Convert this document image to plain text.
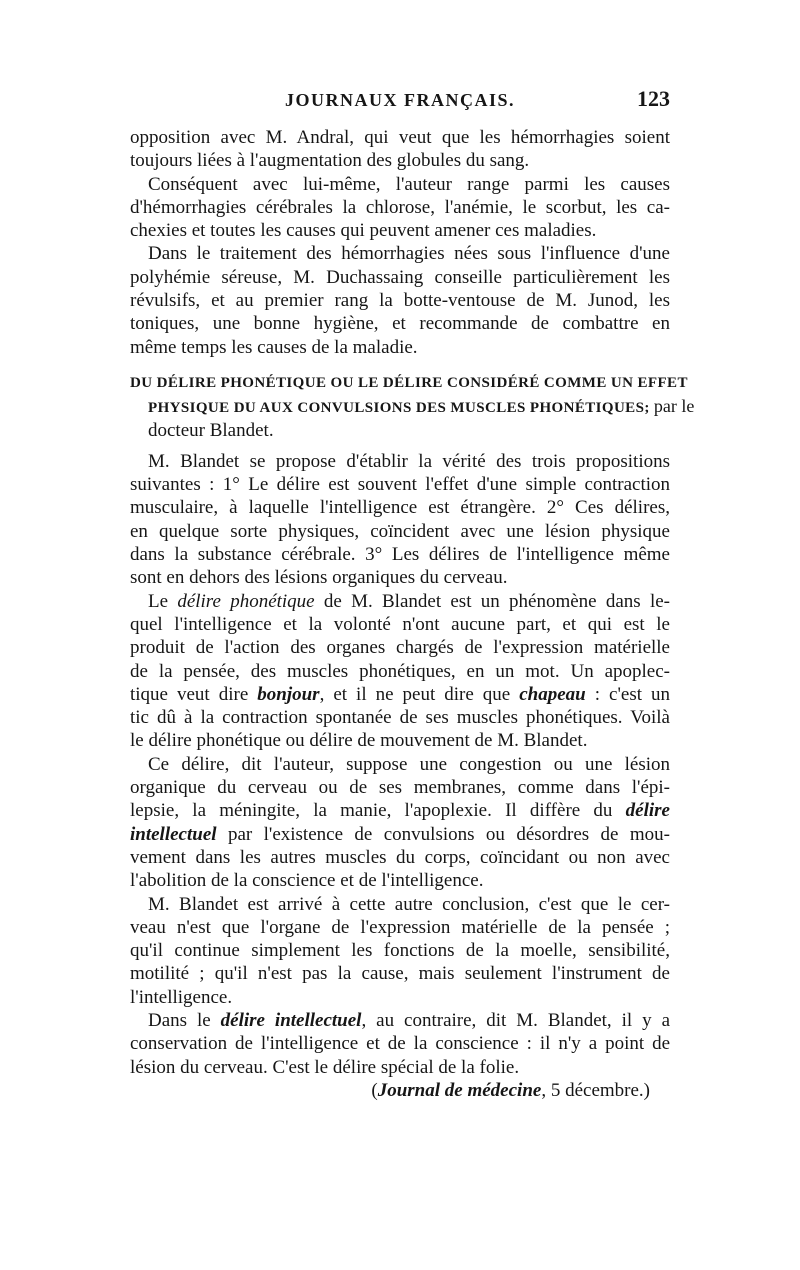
JOURNAUX FRANÇAIS.	123
opposition avec M. Andral, qui veut que les hémorrhagies soient
toujours liées à l'augmentation des globules du sang.
Conséquent avec lui-même, l'auteur range parmi les causes
d'hémorrhagies cérébrales la chlorose, l'anémie, le scorbut, les ca-
chexies et toutes les causes qui peuvent amener ces maladies.
Dans le traitement des hémorrhagies nées sous l'influence d'une
polyhémie séreuse, M. Duchassaing conseille particulièrement les
révulsifs, et au premier rang la botte-ventouse de M. Junod, les
toniques, une bonne hygiène, et recommande de combattre en
même temps les causes de la maladie.
DU DÉLIRE PHONÉTIQUE OU LE DÉLIRE CONSIDÉRÉ COMME UN EFFET
PHYSIQUE DU AUX CONVULSIONS DES MUSCLES PHONÉTIQUES; par le
docteur Blandet.
M. Blandet se propose d'établir la vérité des trois propositions
suivantes : 1° Le délire est souvent l'effet d'une simple contraction
musculaire, à laquelle l'intelligence est étrangère. 2° Ces délires,
en quelque sorte physiques, coïncident avec une lésion physique
dans la substance cérébrale. 3° Les délires de l'intelligence même
sont en dehors des lésions organiques du cerveau.
Le délire phonétique de M. Blandet est un phénomène dans le-
quel l'intelligence et la volonté n'ont aucune part, et qui est le
produit de l'action des organes chargés de l'expression matérielle
de la pensée, des muscles phonétiques, en un mot. Un apoplec-
tique veut dire bonjour, et il ne peut dire que chapeau : c'est un
tic dû à la contraction spontanée de ses muscles phonétiques. Voilà
le délire phonétique ou délire de mouvement de M. Blandet.
Ce délire, dit l'auteur, suppose une congestion ou une lésion
organique du cerveau ou de ses membranes, comme dans l'épi-
lepsie, la méningite, la manie, l'apoplexie. Il diffère du délire
intellectuel par l'existence de convulsions ou désordres de mou-
vement dans les autres muscles du corps, coïncidant ou non avec
l'abolition de la conscience et de l'intelligence.
M. Blandet est arrivé à cette autre conclusion, c'est que le cer-
veau n'est que l'organe de l'expression matérielle de la pensée ;
qu'il continue simplement les fonctions de la moelle, sensibilité,
motilité ; qu'il n'est pas la cause, mais seulement l'instrument de
l'intelligence.
Dans le délire intellectuel, au contraire, dit M. Blandet, il y a
conservation de l'intelligence et de la conscience : il n'y a point de
lésion du cerveau. C'est le délire spécial de la folie.
(Journal de médecine, 5 décembre.)
